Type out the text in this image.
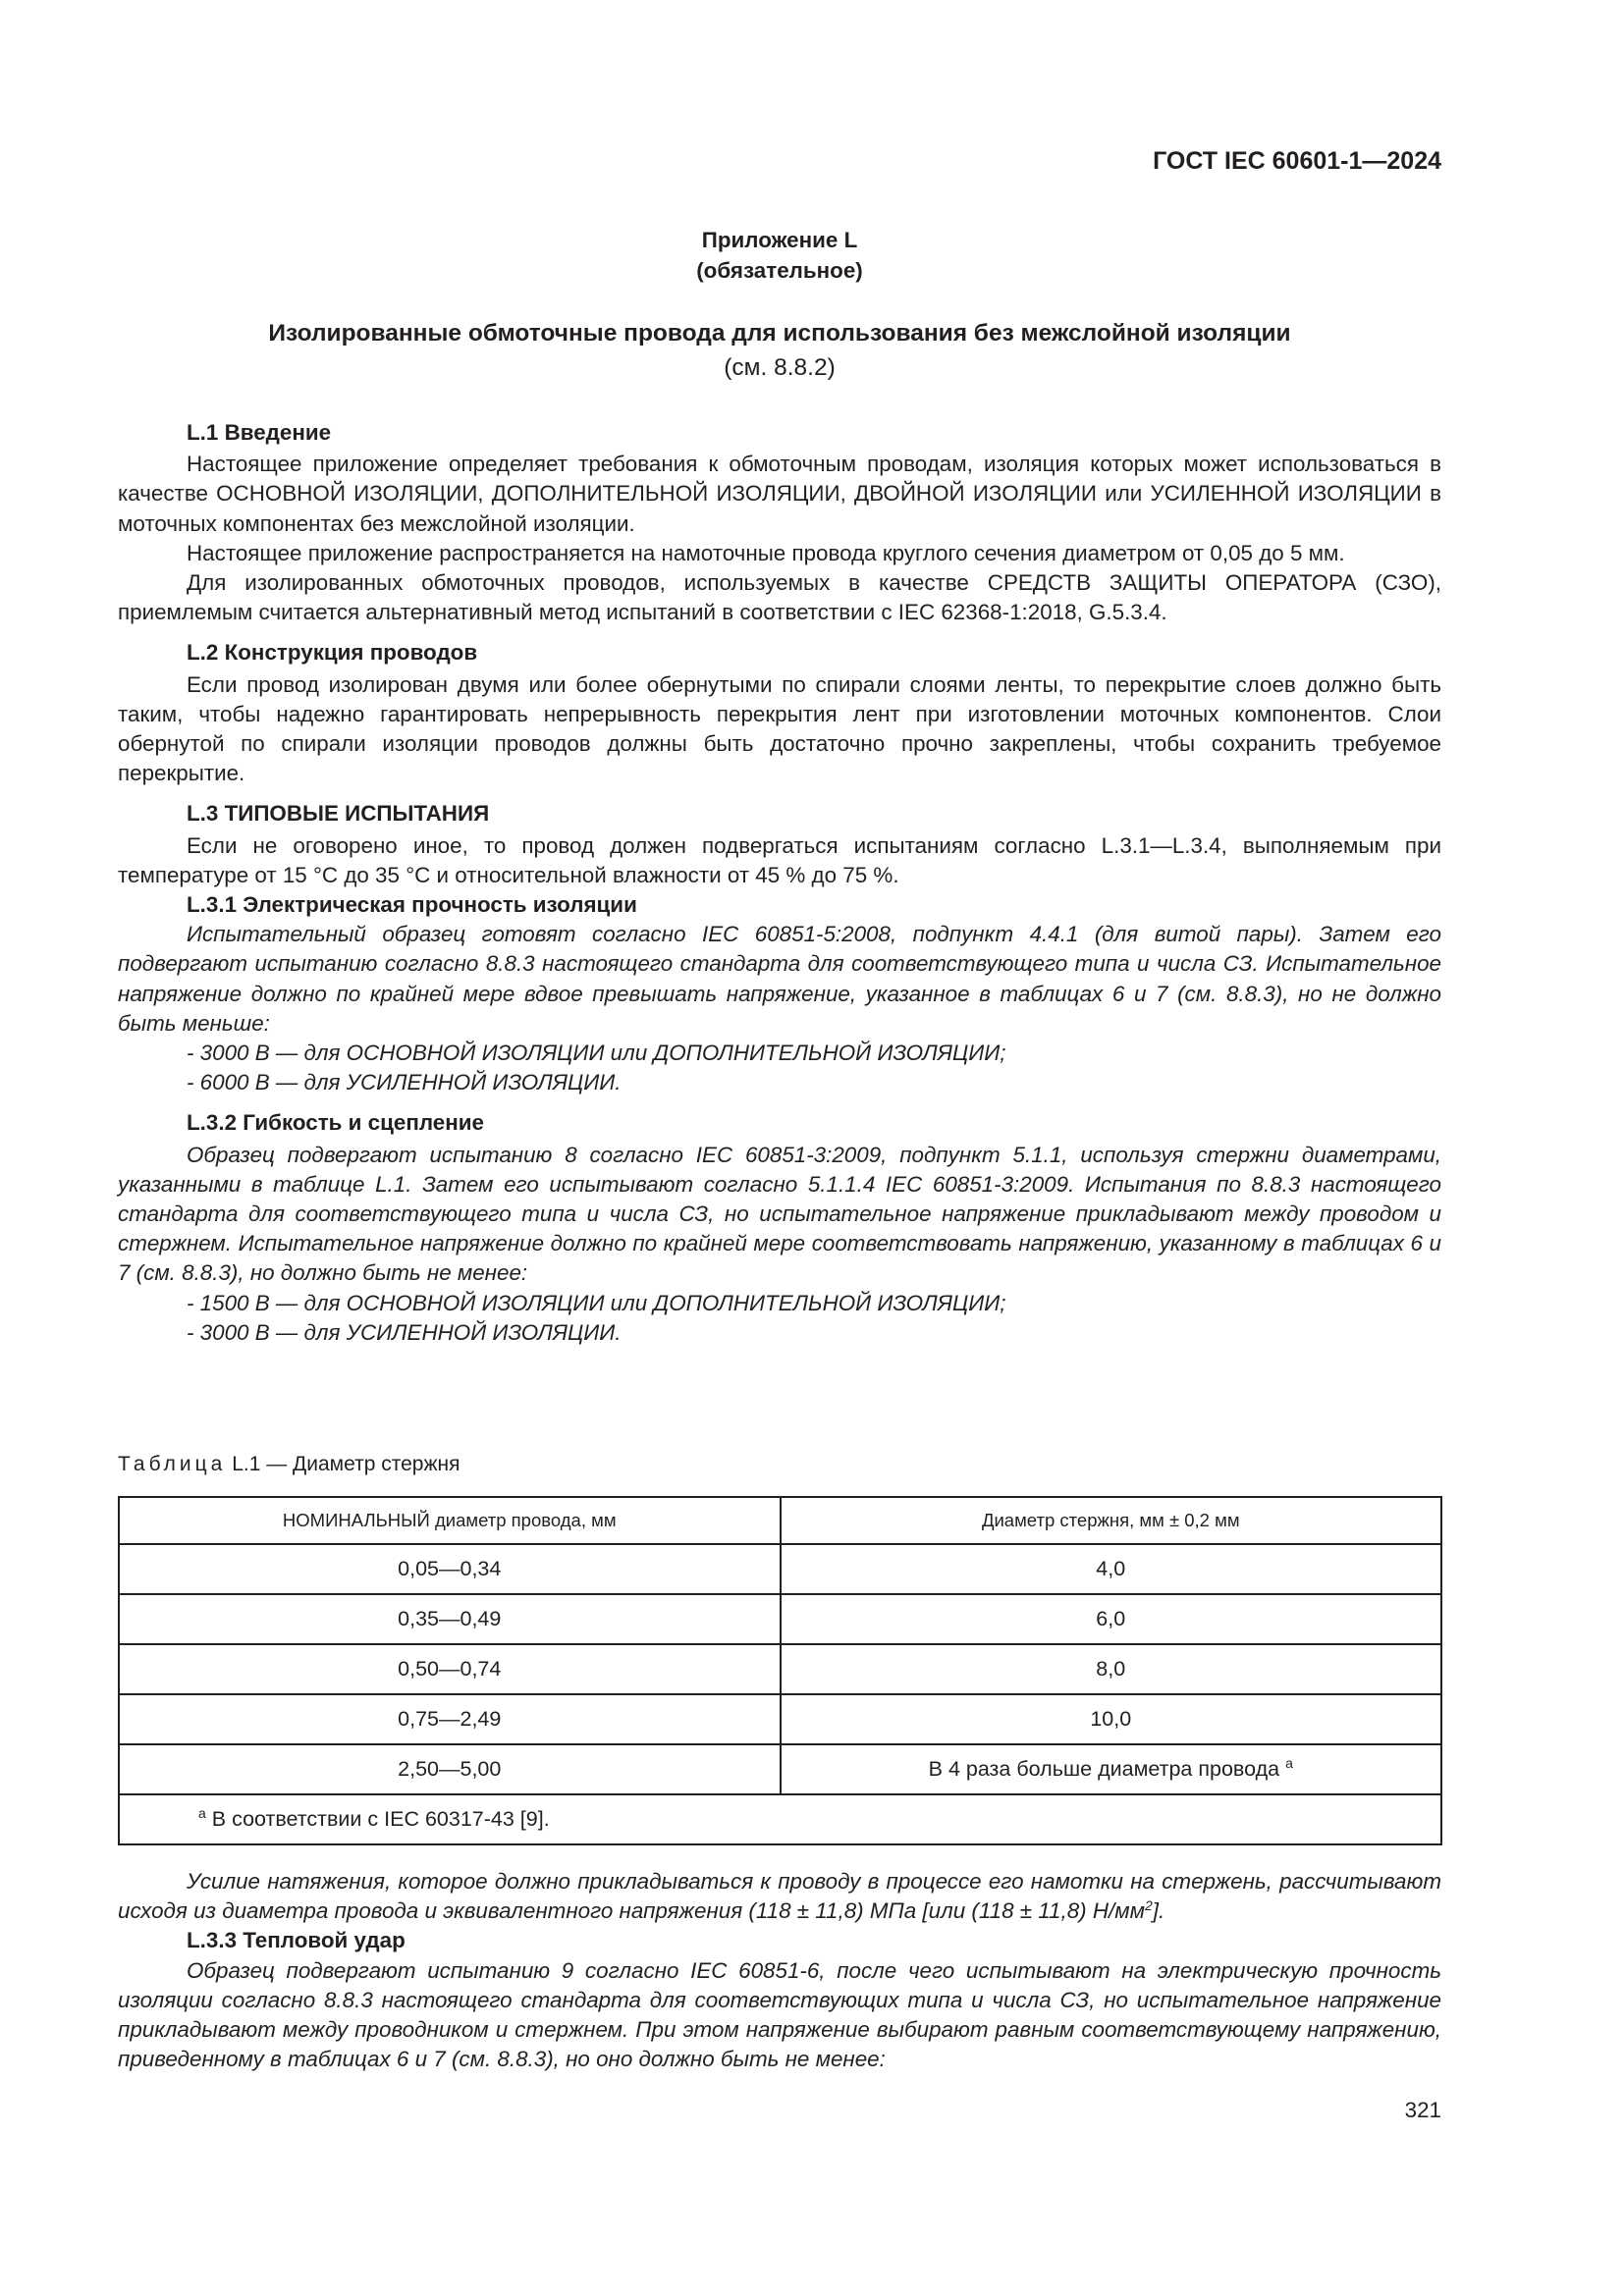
ГОСТ IEC 60601-1—2024
Приложение L
(обязательное)
Изолированные обмоточные провода для использования без межслойной изоляции
(см. 8.8.2)
L.1 Введение

Настоящее приложение определяет требования к обмоточным проводам, изоляция которых может использоваться в качестве ОСНОВНОЙ ИЗОЛЯЦИИ, ДОПОЛНИТЕЛЬНОЙ ИЗОЛЯЦИИ, ДВОЙНОЙ ИЗОЛЯЦИИ или УСИЛЕННОЙ ИЗОЛЯЦИИ в моточных компонентах без межслойной изоляции.

Настоящее приложение распространяется на намоточные провода круглого сечения диаметром от 0,05 до 5 мм.

Для изолированных обмоточных проводов, используемых в качестве СРЕДСТВ ЗАЩИТЫ ОПЕРАТОРА (СЗО), приемлемым считается альтернативный метод испытаний в соответствии с IEC 62368-1:2018, G.5.3.4.

L.2 Конструкция проводов

Если провод изолирован двумя или более обернутыми по спирали слоями ленты, то перекрытие слоев должно быть таким, чтобы надежно гарантировать непрерывность перекрытия лент при изготовлении моточных компонентов. Слои обернутой по спирали изоляции проводов должны быть достаточно прочно закреплены, чтобы сохранить требуемое перекрытие.

L.3 ТИПОВЫЕ ИСПЫТАНИЯ

Если не оговорено иное, то провод должен подвергаться испытаниям согласно L.3.1—L.3.4, выполняемым при температуре от 15 °С до 35 °С и относительной влажности от 45 % до 75 %.

L.3.1 Электрическая прочность изоляции

Испытательный образец готовят согласно IEC 60851-5:2008, подпункт 4.4.1 (для витой пары). Затем его подвергают испытанию согласно 8.8.3 настоящего стандарта для соответствующего типа и числа СЗ. Испытательное напряжение должно по крайней мере вдвое превышать напряжение, указанное в таблицах 6 и 7 (см. 8.8.3), но не должно быть меньше:

- 3000 В — для ОСНОВНОЙ ИЗОЛЯЦИИ или ДОПОЛНИТЕЛЬНОЙ ИЗОЛЯЦИИ;
- 6000 В — для УСИЛЕННОЙ ИЗОЛЯЦИИ.
L.3.2 Гибкость и сцепление

Образец подвергают испытанию 8 согласно IEC 60851-3:2009, подпункт 5.1.1, используя стержни диаметрами, указанными в таблице L.1. Затем его испытывают согласно 5.1.1.4 IEC 60851-3:2009. Испытания по 8.8.3 настоящего стандарта для соответствующего типа и числа СЗ, но испытательное напряжение прикладывают между проводом и стержнем. Испытательное напряжение должно по крайней мере соответствовать напряжению, указанному в таблицах 6 и 7 (см. 8.8.3), но должно быть не менее:

- 1500 В — для ОСНОВНОЙ ИЗОЛЯЦИИ или ДОПОЛНИТЕЛЬНОЙ ИЗОЛЯЦИИ;
- 3000 В — для УСИЛЕННОЙ ИЗОЛЯЦИИ.
Таблица L.1 — Диаметр стержня
НОМИНАЛЬНЫЙ диаметр провода, мм	Диаметр стержня, мм ± 0,2 мм
0,05—0,34	4,0
0,35—0,49	6,0
0,50—0,74	8,0
0,75—2,49	10,0
2,50—5,00	В 4 раза больше диаметра провода $^а$
$^а$ В соответствии с IEC 60317-43 [9].	

Усилие натяжения, которое должно прикладываться к проводу в процессе его намотки на стержень, рассчитывают исходя из диаметра провода и эквивалентного напряжения (118 ± 11,8) МПа [или (118 ± 11,8) $Н/мм^2$].

L.3.3 Тепловой удар

Образец подвергают испытанию 9 согласно IEC 60851-6, после чего испытывают на электрическую прочность изоляции согласно 8.8.3 настоящего стандарта для соответствующих типа и числа СЗ, но испытательное напряжение прикладывают между проводником и стержнем. При этом напряжение выбирают равным соответствующему напряжению, приведенному в таблицах 6 и 7 (см. 8.8.3), но оно должно быть не менее:

321
